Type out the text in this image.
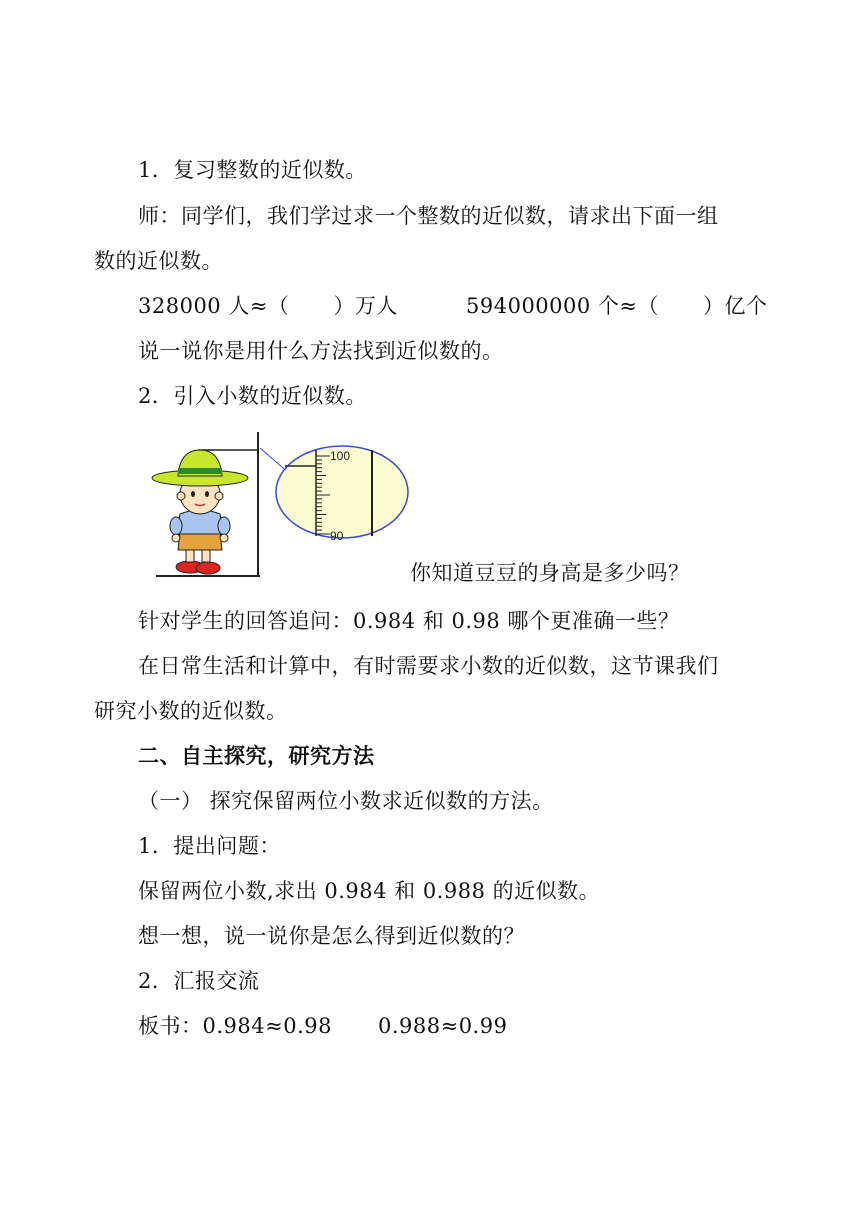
1．复习整数的近似数。
师：同学们，我们学过求一个整数的近似数，请求出下面一组
数的近似数。
328000 人≈（ ）万人	594000000 个≈（ ）亿个
说一说你是用什么方法找到近似数的。
2．引入小数的近似数。
100
90
你知道豆豆的身高是多少吗？
针对学生的回答追问：0.984 和 0.98 哪个更准确一些？
在日常生活和计算中，有时需要求小数的近似数，这节课我们
研究小数的近似数。
二、自主探究，研究方法
（一） 探究保留两位小数求近似数的方法。
1．提出问题：
保留两位小数,求出 0.984 和 0.988 的近似数。
想一想，说一说你是怎么得到近似数的？
2．汇报交流
板书：0.984≈0.98 0.988≈0.99
